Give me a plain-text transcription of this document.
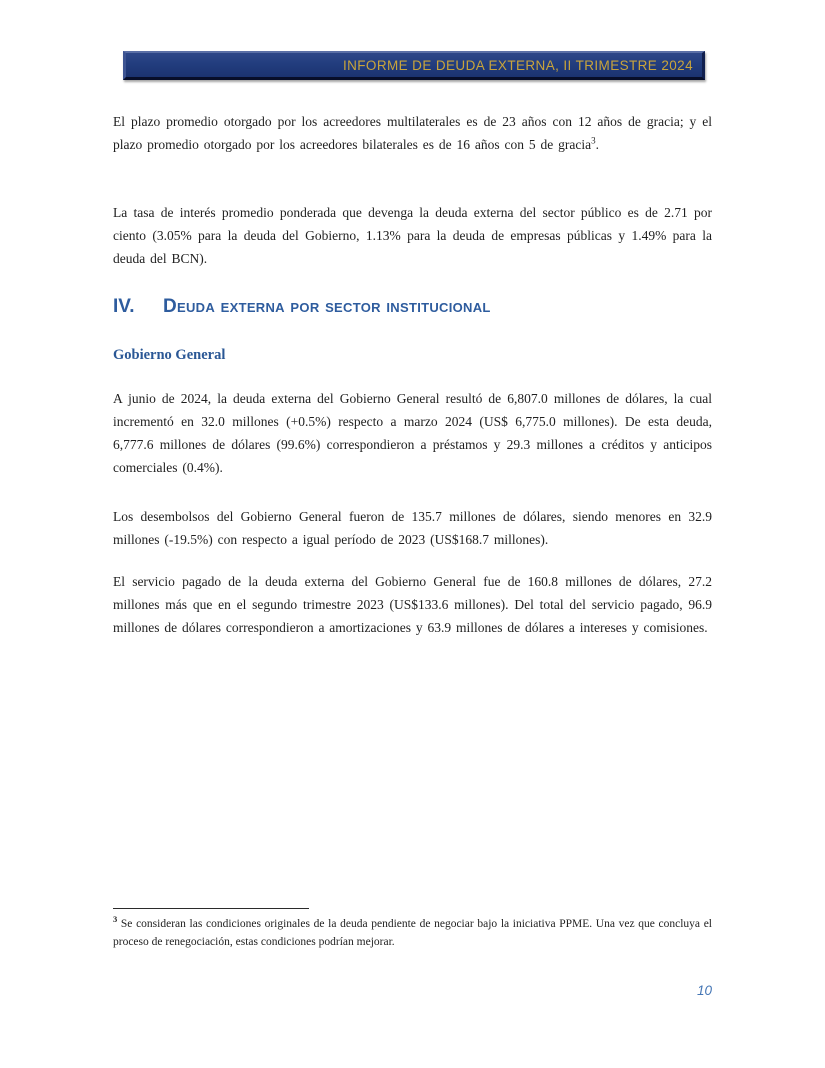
INFORME DE DEUDA EXTERNA, II TRIMESTRE 2024
El plazo promedio otorgado por los acreedores multilaterales es de 23 años con 12 años de gracia; y el plazo promedio otorgado por los acreedores bilaterales es de 16 años con 5 de gracia$^3$.
La tasa de interés promedio ponderada que devenga la deuda externa del sector público es de 2.71 por ciento (3.05% para la deuda del Gobierno, 1.13% para la deuda de empresas públicas y 1.49% para la deuda del BCN).
IV. Deuda externa por sector institucional
Gobierno General
A junio de 2024, la deuda externa del Gobierno General resultó de 6,807.0 millones de dólares, la cual incrementó en 32.0 millones (+0.5%) respecto a marzo 2024 (US$ 6,775.0 millones). De esta deuda, 6,777.6 millones de dólares (99.6%) correspondieron a préstamos y 29.3 millones a créditos y anticipos comerciales (0.4%).
Los desembolsos del Gobierno General fueron de 135.7 millones de dólares, siendo menores en 32.9 millones (-19.5%) con respecto a igual período de 2023 (US$168.7 millones).
El servicio pagado de la deuda externa del Gobierno General fue de 160.8 millones de dólares, 27.2 millones más que en el segundo trimestre 2023 (US$133.6 millones). Del total del servicio pagado, 96.9 millones de dólares correspondieron a amortizaciones y 63.9 millones de dólares a intereses y comisiones.
$^3$ Se consideran las condiciones originales de la deuda pendiente de negociar bajo la iniciativa PPME. Una vez que concluya el proceso de renegociación, estas condiciones podrían mejorar.
10
